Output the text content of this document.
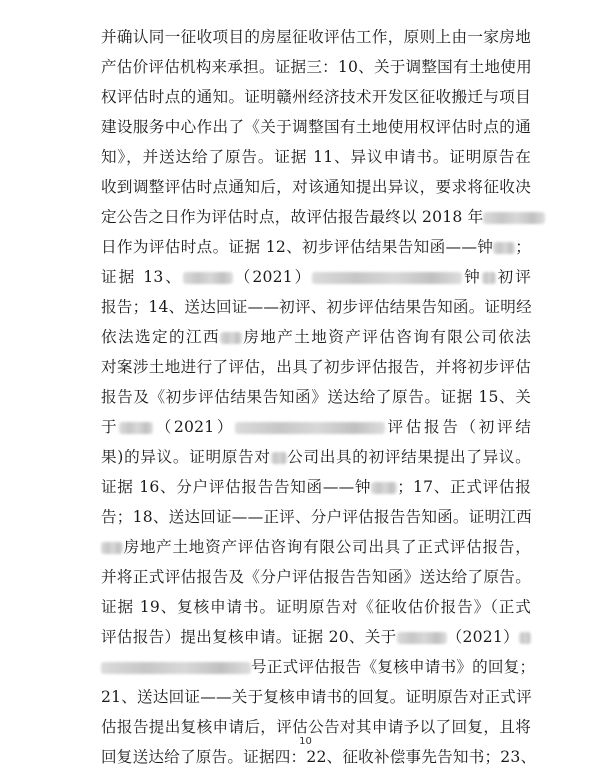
并确认同一征收项目的房屋征收评估工作，原则上由一家房地
产估价评估机构来承担。证据三：10、关于调整国有土地使用
权评估时点的通知。证明赣州经济技术开发区征收搬迁与项目
建设服务中心作出了《关于调整国有土地使用权评估时点的通
知》，并送达给了原告。证据 11、异议申请书。证明原告在
收到调整评估时点通知后，对该通知提出异议，要求将征收决
定公告之日作为评估时点，故评估报告最终以 2018 年
日作为评估时点。证据 12、初步评估结果告知函——钟 ；
证据 13、	（2021）	钟 初评
报告；14、送达回证——初评、初步评估结果告知函。证明经
依法选定的江西 房地产土地资产评估咨询有限公司依法
对案涉土地进行了评估，出具了初步评估报告，并将初步评估
报告及《初步评估结果告知函》送达给了原告。证据 15、关
于 （2021）	评估报告（初评结
果)的异议。证明原告对 公司出具的初评结果提出了异议。
证据 16、分户评估报告告知函——钟 ；17、正式评估报
告；18、送达回证——正评、分户评估报告告知函。证明江西
房地产土地资产评估咨询有限公司出具了正式评估报告，
并将正式评估报告及《分户评估报告告知函》送达给了原告。
证据 19、复核申请书。证明原告对《征收估价报告》（正式
评估报告）提出复核申请。证据 20、关于	（2021）
号正式评估报告《复核申请书》的回复；
21、送达回证——关于复核申请书的回复。证明原告对正式评
估报告提出复核申请后，评估公告对其申请予以了回复，且将
回复送达给了原告。证据四：22、征收补偿事先告知书；23、
10
